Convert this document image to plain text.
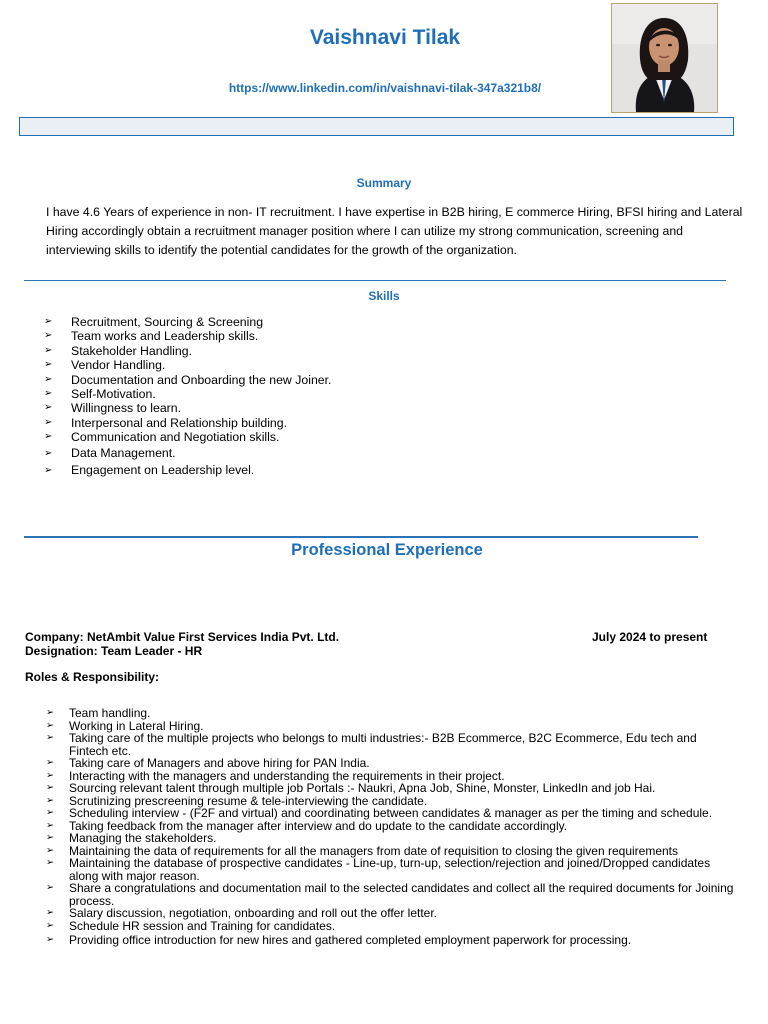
Vaishnavi Tilak
https://www.linkedin.com/in/vaishnavi-tilak-347a321b8/
Summary
I have 4.6 Years of experience in non- IT recruitment. I have expertise in B2B hiring, E commerce Hiring, BFSI hiring and Lateral Hiring accordingly obtain a recruitment manager position where I can utilize my strong communication, screening and interviewing skills to identify the potential candidates for the growth of the organization.
Skills
➢	Recruitment, Sourcing & Screening
➢	Team works and Leadership skills.
➢	Stakeholder Handling.
➢	Vendor Handling.
➢	Documentation and Onboarding the new Joiner.
➢	Self-Motivation.
➢	Willingness to learn.
➢	Interpersonal and Relationship building.
➢	Communication and Negotiation skills.
➢	Data Management.
➢	Engagement on Leadership level.
Professional Experience
Company: NetAmbit Value First Services India Pvt. Ltd.	July 2024 to present
Designation: Team Leader - HR
Roles & Responsibility:
➢	Team handling.
➢	Working in Lateral Hiring.
➢	Taking care of the multiple projects who belongs to multi industries:- B2B Ecommerce, B2C Ecommerce, Edu tech and Fintech etc.
➢	Taking care of Managers and above hiring for PAN India.
➢	Interacting with the managers and understanding the requirements in their project.
➢	Sourcing relevant talent through multiple job Portals :- Naukri, Apna Job, Shine, Monster, LinkedIn and job Hai.
➢	Scrutinizing prescreening resume & tele-interviewing the candidate.
➢	Scheduling interview - (F2F and virtual) and coordinating between candidates & manager as per the timing and schedule.
➢	Taking feedback from the manager after interview and do update to the candidate accordingly.
➢	Managing the stakeholders.
➢	Maintaining the data of requirements for all the managers from date of requisition to closing the given requirements
➢	Maintaining the database of prospective candidates - Line-up, turn-up, selection/rejection and joined/Dropped candidates along with major reason.
➢	Share a congratulations and documentation mail to the selected candidates and collect all the required documents for Joining process.
➢	Salary discussion, negotiation, onboarding and roll out the offer letter.
➢	Schedule HR session and Training for candidates.
➢	Providing office introduction for new hires and gathered completed employment paperwork for processing.
